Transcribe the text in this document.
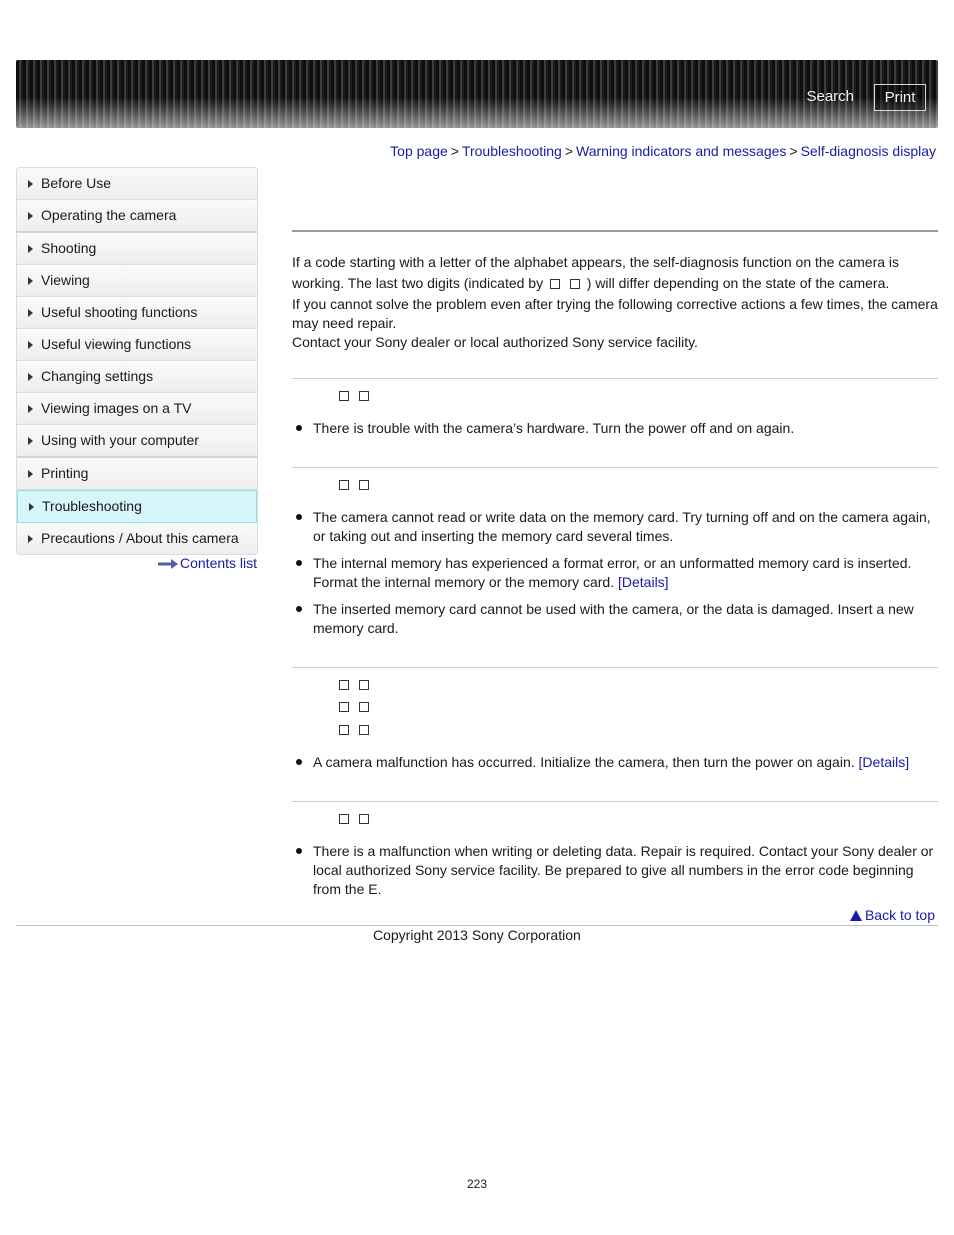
Search	Print
Top page > Troubleshooting > Warning indicators and messages > Self-diagnosis display
Before Use
Operating the camera
Shooting
Viewing
Useful shooting functions
Useful viewing functions
Changing settings
Viewing images on a TV
Using with your computer
Printing
Troubleshooting
Precautions / About this camera
Contents list

If a code starting with a letter of the alphabet appears, the self-diagnosis function on the camera is

working. The last two digits (indicated by	) will differ depending on the state of the camera.

If you cannot solve the problem even after trying the following corrective actions a few times, the camera

may need repair.

Contact your Sony dealer or local authorized Sony service facility.

There is trouble with the camera’s hardware. Turn the power off and on again.
The camera cannot read or write data on the memory card. Try turning off and on the camera again,
or taking out and inserting the memory card several times.
The internal memory has experienced a format error, or an unformatted memory card is inserted.
Format the internal memory or the memory card. [Details]
The inserted memory card cannot be used with the camera, or the data is damaged. Insert a new
memory card.
A camera malfunction has occurred. Initialize the camera, then turn the power on again. [Details]
There is a malfunction when writing or deleting data. Repair is required. Contact your Sony dealer or
local authorized Sony service facility. Be prepared to give all numbers in the error code beginning
from the E.
Back to top
Copyright 2013 Sony Corporation
223
